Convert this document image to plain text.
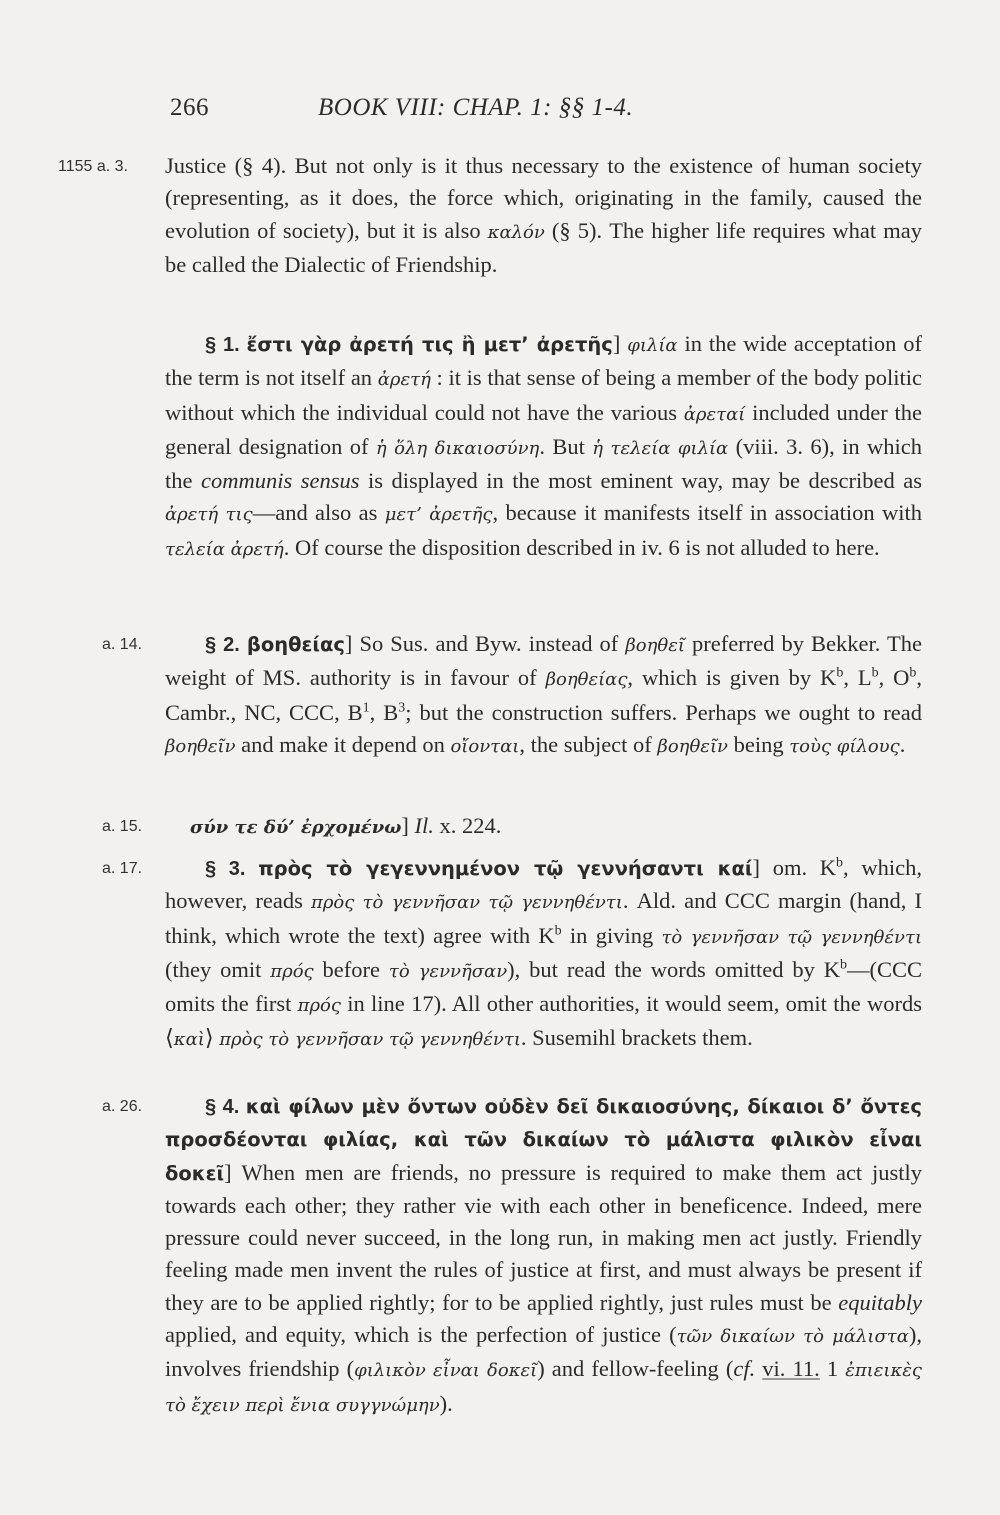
266	BOOK VIII: CHAP. 1: §§ 1-4.
1155 a. 3.	Justice (§ 4). But not only is it thus necessary to the existence of human society (representing, as it does, the force which, originating in the family, caused the evolution of society), but it is also καλόν (§ 5). The higher life requires what may be called the Dialectic of Friendship.
§ 1. ἔστι γὰρ ἀρετή τις ἢ μετ’ ἀρετῆς] φιλία in the wide acceptation of the term is not itself an ἀρετή : it is that sense of being a member of the body politic without which the individual could not have the various ἀρεταί included under the general designation of ἡ ὅλη δικαιοσύνη. But ἡ τελεία φιλία (viii. 3. 6), in which the communis sensus is displayed in the most eminent way, may be described as ἀρετή τις—and also as μετ’ ἀρετῆς, because it manifests itself in association with τελεία ἀρετή. Of course the disposition described in iv. 6 is not alluded to here.
a. 14.	§ 2. βοηθείας] So Sus. and Byw. instead of βοηθεῖ preferred by Bekker. The weight of MS. authority is in favour of βοηθείας, which is given by $K^b$, $L^b$, $O^b$, Cambr., NC, CCC, $B^1$, $B^3$; but the construction suffers. Perhaps we ought to read βοηθεῖν and make it depend on οἴονται, the subject of βοηθεῖν being τοὺς φίλους.
a. 15.	σύν τε δύ’ ἐρχομένω] Il. x. 224.
a. 17.	§ 3. πρὸς τὸ γεγεννημένον τῷ γεννήσαντι καί] om. $K^b$, which, however, reads πρὸς τὸ γεννῆσαν τῷ γεννηθέντι. Ald. and CCC margin (hand, I think, which wrote the text) agree with $K^b$ in giving τὸ γεννῆσαν τῷ γεννηθέντι (they omit πρός before τὸ γεννῆσαν), but read the words omitted by $K^b—(CCC$ omits the first πρός in line 17). All other authorities, it would seem, omit the words ⟨καὶ⟩ πρὸς τὸ γεννῆσαν τῷ γεννηθέντι. Susemihl brackets them.
a. 26.	§ 4. καὶ φίλων μὲν ὄντων οὐδὲν δεῖ δικαιοσύνης, δίκαιοι δ’ ὄντες προσδέονται φιλίας, καὶ τῶν δικαίων τὸ μάλιστα φιλικὸν εἶναι δοκεῖ] When men are friends, no pressure is required to make them act justly towards each other; they rather vie with each other in beneficence. Indeed, mere pressure could never succeed, in the long run, in making men act justly. Friendly feeling made men invent the rules of justice at first, and must always be present if they are to be applied rightly; for to be applied rightly, just rules must be equitably applied, and equity, which is the perfection of justice (τῶν δικαίων τὸ μάλιστα), involves friendship (φιλικὸν εἶναι δοκεῖ) and fellow-feeling (cf. vi. 11. 1 ἐπιεικὲς τὸ ἔχειν περὶ ἔνια συγγνώμην).
